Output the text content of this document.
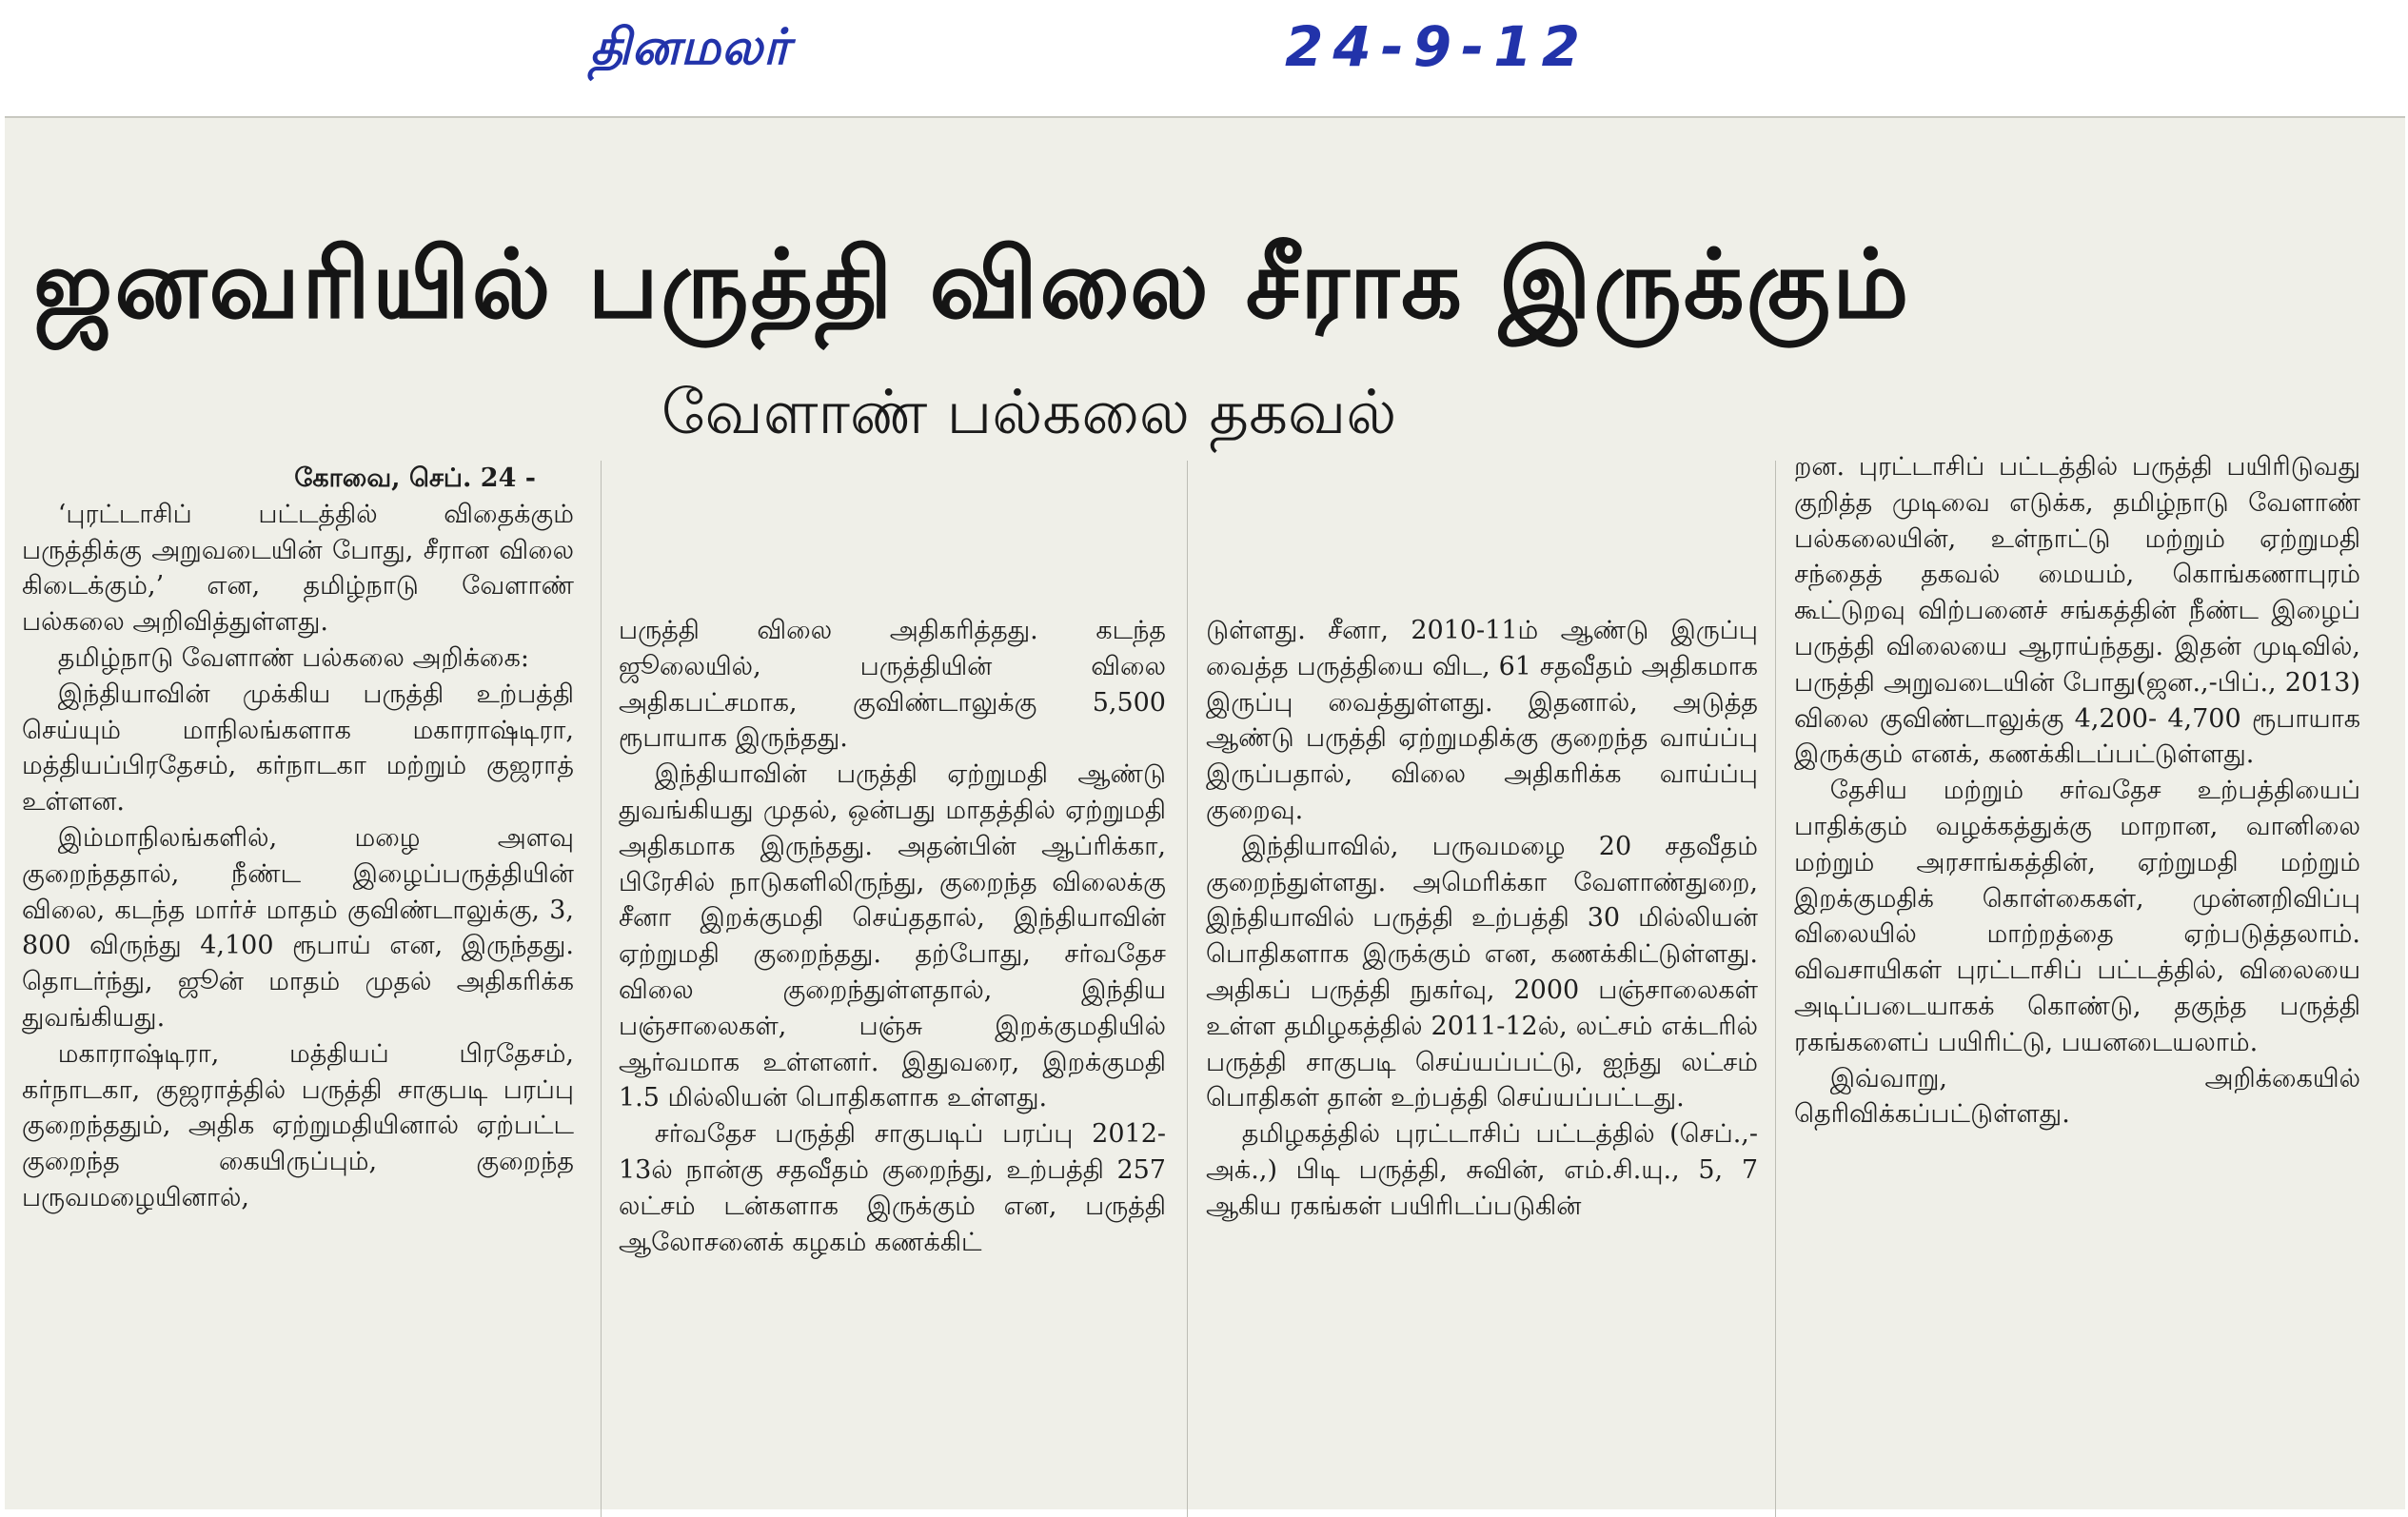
தினமலர்	24-9-12
ஜனவரியில் பருத்தி விலை சீராக இருக்கும்
வேளாண் பல்கலை தகவல்

கோவை, செப். 24 -

‘புரட்டாசிப் பட்டத்தில் விதைக்கும் பருத்திக்கு அறுவடையின் போது, சீரான விலை கிடைக்கும்,’ என, தமிழ்நாடு வேளாண் பல்கலை அறிவித்துள்ளது.

தமிழ்நாடு வேளாண் பல்கலை அறிக்கை:

இந்தியாவின் முக்கிய பருத்தி உற்பத்தி செய்யும் மாநிலங்களாக மகாராஷ்டிரா, மத்தியப்பிரதேசம், கர்நாடகா மற்றும் குஜராத் உள்ளன.

இம்மாநிலங்களில், மழை அளவு குறைந்ததால், நீண்ட இழைப்பருத்தியின் விலை, கடந்த மார்ச் மாதம் குவிண்டாலுக்கு, 3, 800 விருந்து 4,100 ரூபாய் என, இருந்தது. தொடர்ந்து, ஜூன் மாதம் முதல் அதிகரிக்க துவங்கியது.

மகாராஷ்டிரா, மத்தியப் பிரதேசம், கர்நாடகா, குஜராத்தில் பருத்தி சாகுபடி பரப்பு குறைந்ததும், அதிக ஏற்றுமதியினால் ஏற்பட்ட குறைந்த கையிருப்பும், குறைந்த பருவமழையினால்,

பருத்தி விலை அதிகரித்தது. கடந்த ஜூலையில், பருத்தியின் விலை அதிகபட்சமாக, குவிண்டாலுக்கு 5,500 ரூபாயாக இருந்தது.

இந்தியாவின் பருத்தி ஏற்றுமதி ஆண்டு துவங்கியது முதல், ஒன்பது மாதத்தில் ஏற்றுமதி அதிகமாக இருந்தது. அதன்பின் ஆப்ரிக்கா, பிரேசில் நாடுகளிலிருந்து, குறைந்த விலைக்கு சீனா இறக்குமதி செய்ததால், இந்தியாவின் ஏற்றுமதி குறைந்தது. தற்போது, சர்வதேச விலை குறைந்துள்ளதால், இந்திய பஞ்சாலைகள், பஞ்சு இறக்குமதியில் ஆர்வமாக உள்ளனர். இதுவரை, இறக்குமதி 1.5 மில்லியன் பொதிகளாக உள்ளது.

சர்வதேச பருத்தி சாகுபடிப் பரப்பு 2012-13ல் நான்கு சதவீதம் குறைந்து, உற்பத்தி 257 லட்சம் டன்களாக இருக்கும் என, பருத்தி ஆலோசனைக் கழகம் கணக்கிட்

டுள்ளது. சீனா, 2010-11ம் ஆண்டு இருப்பு வைத்த பருத்தியை விட, 61 சதவீதம் அதிகமாக இருப்பு வைத்துள்ளது. இதனால், அடுத்த ஆண்டு பருத்தி ஏற்றுமதிக்கு குறைந்த வாய்ப்பு இருப்பதால், விலை அதிகரிக்க வாய்ப்பு குறைவு.

இந்தியாவில், பருவமழை 20 சதவீதம் குறைந்துள்ளது. அமெரிக்கா வேளாண்துறை, இந்தியாவில் பருத்தி உற்பத்தி 30 மில்லியன் பொதிகளாக இருக்கும் என, கணக்கிட்டுள்ளது. அதிகப் பருத்தி நுகர்வு, 2000 பஞ்சாலைகள் உள்ள தமிழகத்தில் 2011-12ல், லட்சம் எக்டரில் பருத்தி சாகுபடி செய்யப்பட்டு, ஐந்து லட்சம் பொதிகள் தான் உற்பத்தி செய்யப்பட்டது.

தமிழகத்தில் புரட்டாசிப் பட்டத்தில் (செப்.,-அக்.,) பிடி பருத்தி, சுவின், எம்.சி.யு., 5, 7 ஆகிய ரகங்கள் பயிரிடப்படுகின்

றன. புரட்டாசிப் பட்டத்தில் பருத்தி பயிரிடுவது குறித்த முடிவை எடுக்க, தமிழ்நாடு வேளாண் பல்கலையின், உள்நாட்டு மற்றும் ஏற்றுமதி சந்தைத் தகவல் மையம், கொங்கணாபுரம் கூட்டுறவு விற்பனைச் சங்கத்தின் நீண்ட இழைப் பருத்தி விலையை ஆராய்ந்தது. இதன் முடிவில், பருத்தி அறுவடையின் போது(ஜன.,-பிப்., 2013) விலை குவிண்டாலுக்கு 4,200- 4,700 ரூபாயாக இருக்கும் எனக், கணக்கிடப்பட்டுள்ளது.

தேசிய மற்றும் சர்வதேச உற்பத்தியைப் பாதிக்கும் வழக்கத்துக்கு மாறான, வானிலை மற்றும் அரசாங்கத்தின், ஏற்றுமதி மற்றும் இறக்குமதிக் கொள்கைகள், முன்னறிவிப்பு விலையில் மாற்றத்தை ஏற்படுத்தலாம். விவசாயிகள் புரட்டாசிப் பட்டத்தில், விலையை அடிப்படையாகக் கொண்டு, தகுந்த பருத்தி ரகங்களைப் பயிரிட்டு, பயனடையலாம்.

இவ்வாறு, அறிக்கையில் தெரிவிக்கப்பட்டுள்ளது.
